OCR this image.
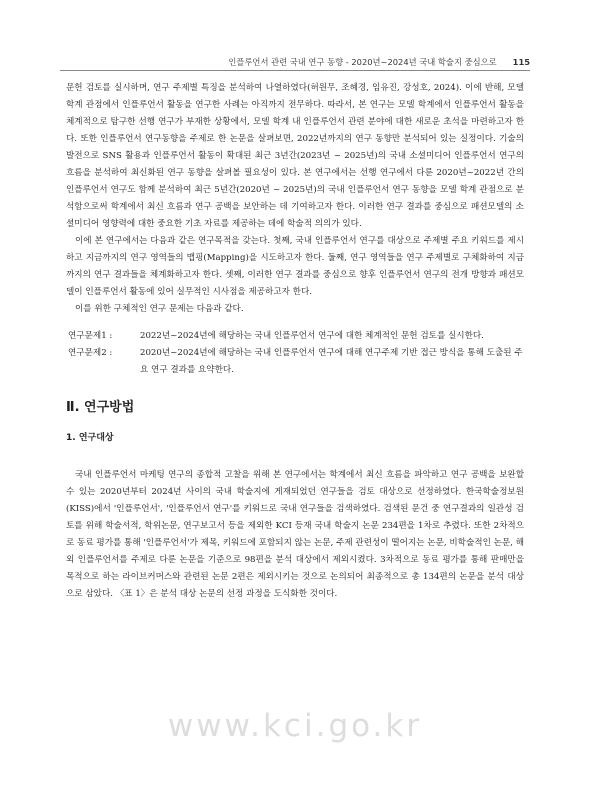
인플루언서 관련 국내 연구 동향 - 2020년~2024년 국내 학술지 중심으로 115

문헌 검토를 실시하며, 연구 주제별 특징을 분석하여 나열하였다(허원무, 조혜경, 임유진, 강성호, 2024). 이에 반해, 모델 학계 관점에서 인플루언서 활동을 연구한 사례는 아직까지 전무하다. 따라서, 본 연구는 모델 학계에서 인플루언서 활동을 체계적으로 탐구한 선행 연구가 부재한 상황에서, 모델 학계 내 인플루언서 관련 분야에 대한 새로운 초석을 마련하고자 한다. 또한 인플루언서 연구동향을 주제로 한 논문을 살펴보면, 2022년까지의 연구 동향만 분석되어 있는 실정이다. 기술의 발전으로 SNS 활용과 인플루언서 활동이 확대된 최근 3년간(2023년 ~ 2025년)의 국내 소셜미디어 인플루언서 연구의 흐름을 분석하여 최신화된 연구 동향을 살펴볼 필요성이 있다. 본 연구에서는 선행 연구에서 다룬 2020년~2022년 간의 인플루언서 연구도 함께 분석하여 최근 5년간(2020년 ~ 2025년)의 국내 인플루언서 연구 동향을 모델 학계 관점으로 분석함으로써 학계에서 최신 흐름과 연구 공백을 보안하는 데 기여하고자 한다. 이러한 연구 결과를 중심으로 패션모델의 소셜미디어 영향력에 대한 중요한 기초 자료를 제공하는 데에 학술적 의의가 있다.

이에 본 연구에서는 다음과 같은 연구목적을 갖는다. 첫째, 국내 인플루언서 연구를 대상으로 주제별 주요 키워드를 제시하고 지금까지의 연구 영역들의 맵핑(Mapping)을 시도하고자 한다. 둘째, 연구 영역들을 연구 주제별로 구체화하여 지금까지의 연구 결과들을 체계화하고자 한다. 셋째, 이러한 연구 결과를 중심으로 향후 인플루언서 연구의 전개 방향과 패션모델이 인플루언서 활동에 있어 실무적인 시사점을 제공하고자 한다.

이를 위한 구체적인 연구 문제는 다음과 같다.

연구문제1 :	2022년~2024년에 해당하는 국내 인플루언서 연구에 대한 체계적인 문헌 검토를 실시한다.
연구문제2 :	2020년~2024년에 해당하는 국내 인플루언서 연구에 대해 연구주제 기반 접근 방식을 통해 도출된 주요 연구 결과를 요약한다.
Ⅱ. 연구방법
1. 연구대상

국내 인플루언서 마케팅 연구의 종합적 고찰을 위해 본 연구에서는 학계에서 최신 흐름을 파악하고 연구 공백을 보완할 수 있는 2020년부터 2024년 사이의 국내 학술지에 게재되었던 연구들을 검토 대상으로 선정하였다. 한국학술정보원(KISS)에서 '인플루언서', '인플루언서 연구'를 키워드로 국내 연구들을 검색하였다. 검색된 문건 중 연구결과의 일관성 검토를 위해 학술서적, 학위논문, 연구보고서 등을 제외한 KCI 등재 국내 학술지 논문 234편을 1차로 추렸다. 또한 2차적으로 동료 평가를 통해 '인플루언서'가 제목, 키워드에 포함되지 않는 논문, 주제 관련성이 떨어지는 논문, 비학술적인 논문, 해외 인플루언서를 주제로 다룬 논문을 기준으로 98편을 분석 대상에서 제외시켰다. 3차적으로 동료 평가를 통해 판매만을 목적으로 하는 라이브커머스와 관련된 논문 2편은 제외시키는 것으로 논의되어 최종적으로 총 134편의 논문을 분석 대상으로 삼았다. 〈표 1〉은 분석 대상 논문의 선정 과정을 도식화한 것이다.

www.kci.go.kr
